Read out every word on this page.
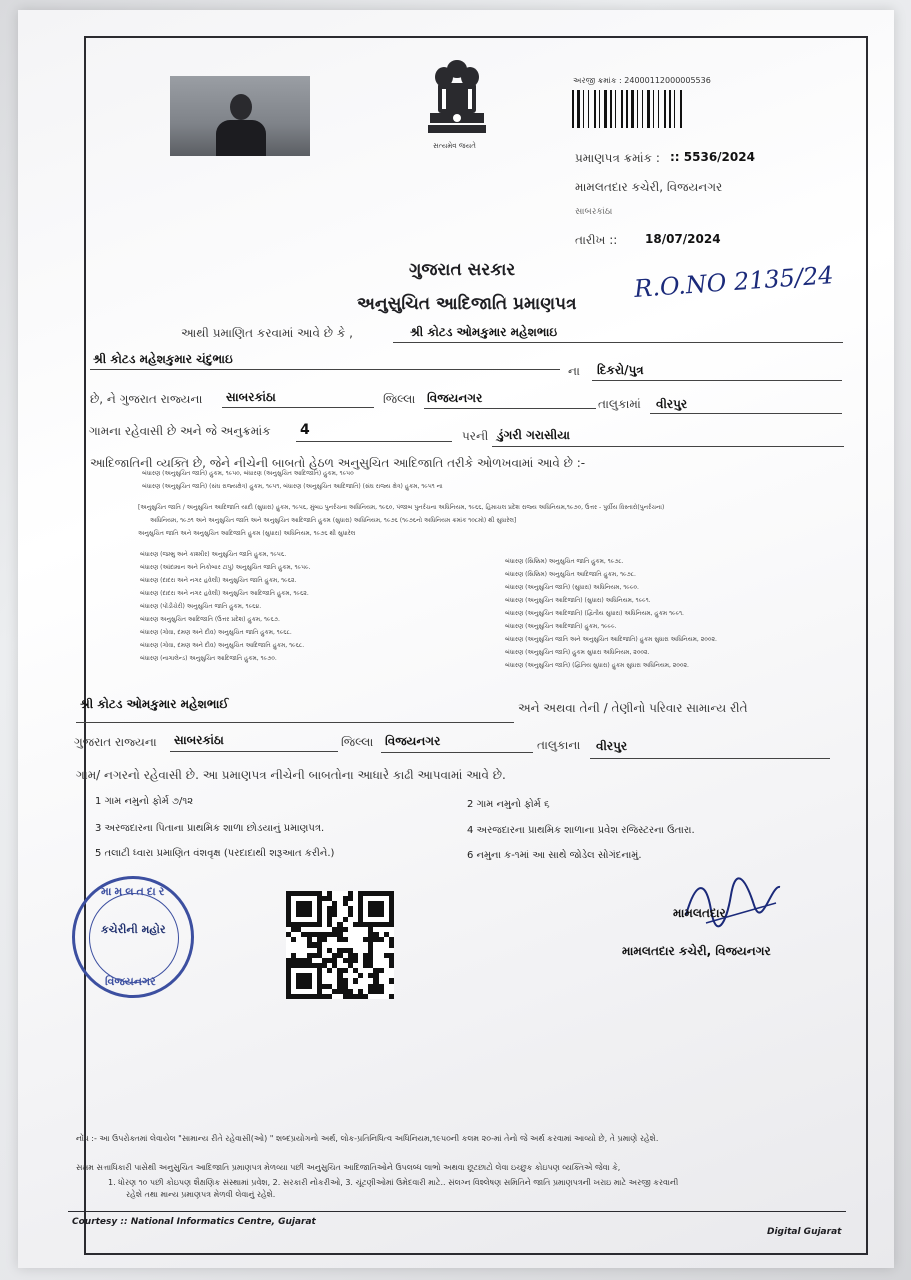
સત્યમેવ જયતે
અરજી ક્રમાંક : 24000112000005536
પ્રમાણપત્ર ક્રમાંક : :: 5536/2024
મામલતદાર કચેરી, વિજયનગર
સાબરકાંઠા
તારીખ :: 18/07/2024
R.O.NO 2135/24
ગુજરાત સરકાર
અનુસુચિત આદિજાતિ પ્રમાણપત્ર
આથી પ્રમાણિત કરવામાં આવે છે કે ,	શ્રી કોટડ ઓમકુમાર મહેશભાઇ
શ્રી કોટડ મહેશકુમાર ચંદુભાઇ
ના દિકરો/પુત્ર
છે, ને ગુજરાત રાજ્યના સાબરકાંઠા	જિલ્લા વિજયનગર	તાલુકામાં વીરપુર
ગામના રહેવાસી છે અને જે અનુક્રમાંક 4	પરની ડુંગરી ગરાસીયા
આદિજાતિની વ્યક્તિ છે, જેને નીચેની બાબતો હેઠળ અનુસુચિત આદિજાતિ તરીકે ઓળખવામાં આવે છે :-
બંધારણ (અનુસુચિત જાતિ) હુકમ, ૧૯૫૦, બંધારણ (અનુસુચિત આદિજાતિ) હુકમ, ૧૯૫૦
બંધારણ (અનુસુચિત જાતિ) (સંઘ રાજ્યક્ષેત્ર) હુકમ, ૧૯૫૧, બંધારણ (અનુસુચિત આદિજાતિ) (સંઘ રાજ્ય ક્ષેત્ર) હુકમ, ૧૯૫૧ ના
[અનુસુચિત જાતિ / અનુસુચિત આદિજાતિ યાદી (સુધારા) હુકમ, ૧૯૫૬, મુંબઇ પુનર્રચના અધિનિયમ, ૧૯૬૦, પંજાબ પુનર્રચના અધિનિયમ, ૧૯૬૬, હિમાચલ પ્રદેશ રાજ્ય અધિનિયમ,૧૯૭૦, ઉત્તર - પુર્વીય વિસ્તારો(પુનર્રચના)
અધિનિયમ, ૧૯૭૧ અને અનુસુચિત જાતિ અને અનુસુચિત આદિજાતિ હુકમ (સુધારા) અધિનિયમ, ૧૯૭૬ (૧૯૭૬નો અધિનિયમ ક્રમાંક ૧૦૮મો) થી સુધારેલ]
અનુસુચિત જાતિ અને અનુસુચિત આદિજાતિ હુકમ (સુધારા) અધિનિયમ, ૧૯૭૬ થી સુધારેલ
બંધારણ (જમ્મુ અને કાશ્મીર) અનુસુચિત જાતિ હુકમ, ૧૯૫૬.
બંધારણ (આંદામાન અને નિકોબાર ટાપુ) અનુસુચિત જાતિ હુકમ, ૧૯૫૯.
બંધારણ (દાદરા અને નગર હવેલી) અનુસુચિત જાતિ હુકમ, ૧૯૬૨.
બંધારણ (દાદરા અને નગર હવેલી) અનુસુચિત આદિજાતિ હુકમ, ૧૯૬૨.
બંધારણ (પોંડીચેરી) અનુસુચિત જાતિ હુકમ, ૧૯૬૪.
બંધારણ અનુસુચિત આદિજાતિ (ઉત્તર પ્રદેશ) હુકમ, ૧૯૬૭.
બંધારણ (ગોવા, દમણ અને દીવ) અનુસુચિત જાતિ હુકમ, ૧૯૬૮.
બંધારણ (ગોવા, દમણ અને દીવ) અનુસુચિત આદિજાતિ હુકમ, ૧૯૬૮.
બંધારણ (નાગાલેન્ડ) અનુસુચિત આદિજાતિ હુકમ, ૧૯૭૦.
બંધારણ (સિક્કિમ) અનુસુચિત જાતિ હુકમ, ૧૯૭૮.
બંધારણ (સિક્કિમ) અનુસુચિત આદિજાતિ હુકમ, ૧૯૭૮.
બંધારણ (અનુસુચિત જાતિ) (સુધારા) અધિનિયમ, ૧૯૯૦.
બંધારણ (અનુસુચિત આદિજાતિ) (સુધારા) અધિનિયમ, ૧૯૯૧.
બંધારણ (અનુસુચિત આદિજાતિ) (દ્વિતીય સુધારા) અધિનિયમ, હુકમ ૧૯૯૧.
બંધારણ (અનુસુચિત આદિજાતિ) હુકમ, ૧૯૯૯.
બંધારણ (અનુસુચિત જાતિ અને અનુસુચિત આદિજાતિ) હુકમ સુધારા અધિનિયમ, ૨૦૦૨.
બંધારણ (અનુસુચિત જાતિ) હુકમ સુધારા અધિનિયમ, ૨૦૦૨.
બંધારણ (અનુસુચિત જાતિ) (દ્વિતિય સુધારા) હુકમ સુધારા અધિનિયમ, ૨૦૦૨.
શ્રી કોટડ ઓમકુમાર મહેશભાઈ	અને અથવા તેની / તેણીનો પરિવાર સામાન્ય રીતે
ગુજરાત રાજ્યના સાબરકાંઠા	જિલ્લા વિજયનગર	તાલુકાના વીરપુર
ગામ/ નગરનો રહેવાસી છે. આ પ્રમાણપત્ર નીચેની બાબતોના આધારે કાઢી આપવામાં આવે છે.
1 ગામ નમુનો ફોર્મ ૭/૧૨	2 ગામ નમુનો ફોર્મ ૬
3 અરજદારના પિતાના પ્રાથમિક શાળા છોડયાનું પ્રમાણપત્ર.	4 અરજદારના પ્રાથમિક શાળાના પ્રવેશ રજિસ્ટરના ઉતારા.
5 તલાટી ધ્વારા પ્રમાણિત વંશવૃક્ષ (પરદાદાથી શરૂઆત કરીને.)	6 નમુના ક-૧માં આ સાથે જોડેલ સોગંદનામું.
મામલતદાર
કચેરીની મહોર
વિજયનગર
મામલતદાર
મામલતદાર કચેરી, વિજયનગર
નોંધ :- આ ઉપરોક્તમાં લેવાયેલ "સામાન્ય રીતે રહેવાસી(ઓ) " શબ્દપ્રયોગનો અર્થ, લોક-પ્રતિનિધિત્વ અધિનિયમ,૧૯૫૦ની કલમ ૨૦-માં તેનો જે અર્થ કરવામાં આવ્યો છે, તે પ્રમાણે રહેશે.
સક્ષમ સત્તાધિકારી પાસેથી અનુસુચિત આદિજાતિ પ્રમાણપત્ર મેળવ્યા પછી અનુસુચિત આદિજાતિઓને ઉપલબ્ધ લાભો અથવા છૂટછાટો લેવા ઇચ્છુક કોઇપણ વ્યક્તિએ જેવા કે,
1. ધોરણ ૧૦ પછી કોઇપણ શૈક્ષણિક સંસ્થામાં પ્રવેશ, 2. સરકારી નોકરીઓ, 3. ચૂંટણીઓમાં ઉમેદવારી માટે.. સંલગ્ન વિશ્લેષણ સમિતિને જાતિ પ્રમાણપત્રની ખરાઇ માટે અરજી કરવાની
રહેશે તથા માન્ય પ્રમાણપત્ર મેળવી લેવાનું રહેશે.
Courtesy :: National Informatics Centre, Gujarat
Digital Gujarat
